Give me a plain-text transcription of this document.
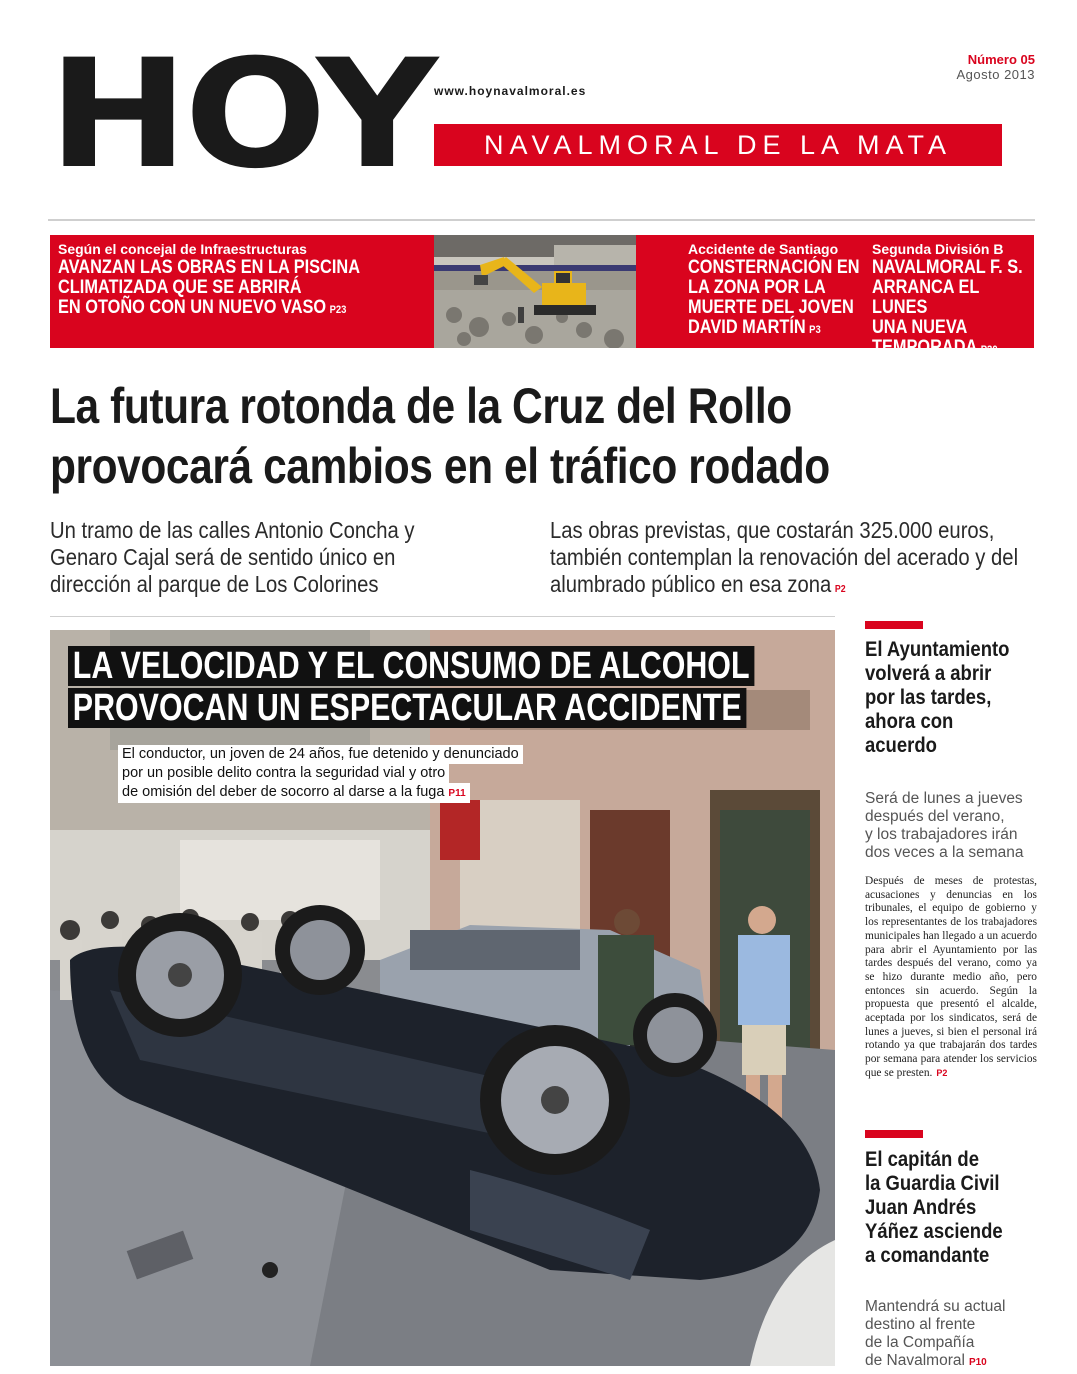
HOY www.hoynavalmoral.es
Número 05
Agosto 2013
NAVALMORAL DE LA MATA
Según el concejal de Infraestructuras
AVANZAN LAS OBRAS EN LA PISCINA
CLIMATIZADA QUE SE ABRIRÁ
EN OTOÑO CON UN NUEVO VASO P23
Accidente de Santiago
CONSTERNACIÓN EN
LA ZONA POR LA
MUERTE DEL JOVEN
DAVID MARTÍN P3
Segunda División B
NAVALMORAL F. S.
ARRANCA EL LUNES
UNA NUEVA
TEMPORADA P20
La futura rotonda de la Cruz del Rollo
provocará cambios en el tráfico rodado

Un tramo de las calles Antonio Concha y Genaro Cajal será de sentido único en dirección al parque de Los Colorines

Las obras previstas, que costarán 325.000 euros, también contemplan la renovación del acerado y del alumbrado público en esa zona P2

LA VELOCIDAD Y EL CONSUMO DE ALCOHOL
PROVOCAN UN ESPECTACULAR ACCIDENTE
El conductor, un joven de 24 años, fue detenido y denunciado
por un posible delito contra la seguridad vial y otro
de omisión del deber de socorro al darse a la fuga P11
El Ayuntamiento
volverá a abrir
por las tardes,
ahora con
acuerdo
Será de lunes a jueves
después del verano,
y los trabajadores irán
dos veces a la semana

Después de meses de protestas, acusaciones y denuncias en los tribunales, el equipo de gobierno y los representantes de los trabajadores municipales han llegado a un acuerdo para abrir el Ayuntamiento por las tardes después del verano, como ya se hizo durante medio año, pero entonces sin acuerdo. Según la propuesta que presentó el alcalde, aceptada por los sindicatos, será de lunes a jueves, si bien el personal irá rotando ya que trabajarán dos tardes por semana para atender los servicios que se presten. P2

El capitán de
la Guardia Civil
Juan Andrés
Yáñez asciende
a comandante
Mantendrá su actual
destino al frente
de la Compañía
de Navalmoral P10
